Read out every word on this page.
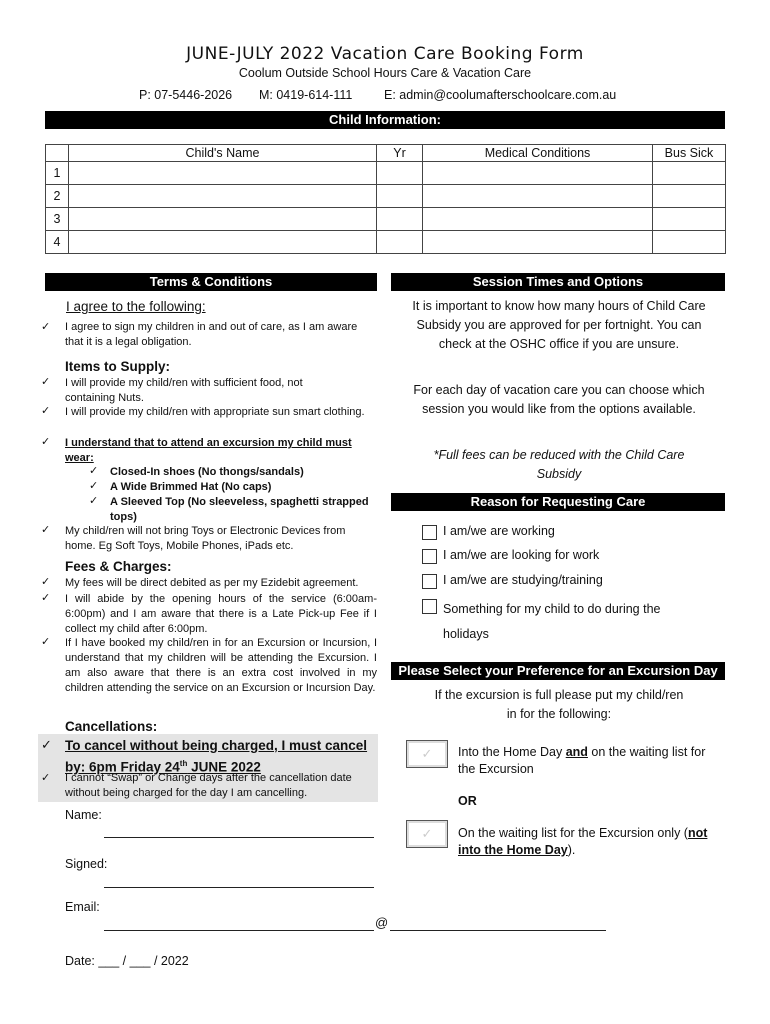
JUNE-JULY 2022 Vacation Care Booking Form
Coolum Outside School Hours Care & Vacation Care
P: 07-5446-2026 M: 0419-614-111	E: admin@coolumafterschoolcare.com.au
Child Information:
	Child's Name	Yr	Medical Conditions	Bus Sick
1				
2				
3				
4				
Terms & Conditions
I agree to the following:
✓ I agree to sign my children in and out of care, as I am aware that it is a legal obligation.
Items to Supply:
✓ I will provide my child/ren with sufficient food, not containing Nuts.
✓ I will provide my child/ren with appropriate sun smart clothing.
✓ I understand that to attend an excursion my child must wear:
✓ Closed-In shoes (No thongs/sandals)
✓ A Wide Brimmed Hat (No caps)
✓ A Sleeved Top (No sleeveless, spaghetti strapped tops)
✓ My child/ren will not bring Toys or Electronic Devices from home. Eg Soft Toys, Mobile Phones, iPads etc.
Fees & Charges:
✓ My fees will be direct debited as per my Ezidebit agreement.
✓ I will abide by the opening hours of the service (6:00am-6:00pm) and I am aware that there is a Late Pick-up Fee if I collect my child after 6:00pm.
✓ If I have booked my child/ren in for an Excursion or Incursion, I understand that my children will be attending the Excursion. I am also aware that there is an extra cost involved in my children attending the service on an Excursion or Incursion Day.
Cancellations:
✓ To cancel without being charged, I must cancel by: 6pm Friday 24th JUNE 2022
✓ I cannot “Swap” or Change days after the cancellation date without being charged for the day I am cancelling.
Name:
Signed:
Email:
@
Date: ___ / ___ / 2022
Session Times and Options
It is important to know how many hours of Child Care Subsidy you are approved for per fortnight. You can check at the OSHC office if you are unsure.
For each day of vacation care you can choose which session you would like from the options available.
*Full fees can be reduced with the Child Care Subsidy
Reason for Requesting Care
I am/we are working
I am/we are looking for work
I am/we are studying/training
Something for my child to do during the holidays
Please Select your Preference for an Excursion Day
If the excursion is full please put my child/ren in for the following:
✓	Into the Home Day and on the waiting list for the Excursion
OR
✓	On the waiting list for the Excursion only (not into the Home Day).
